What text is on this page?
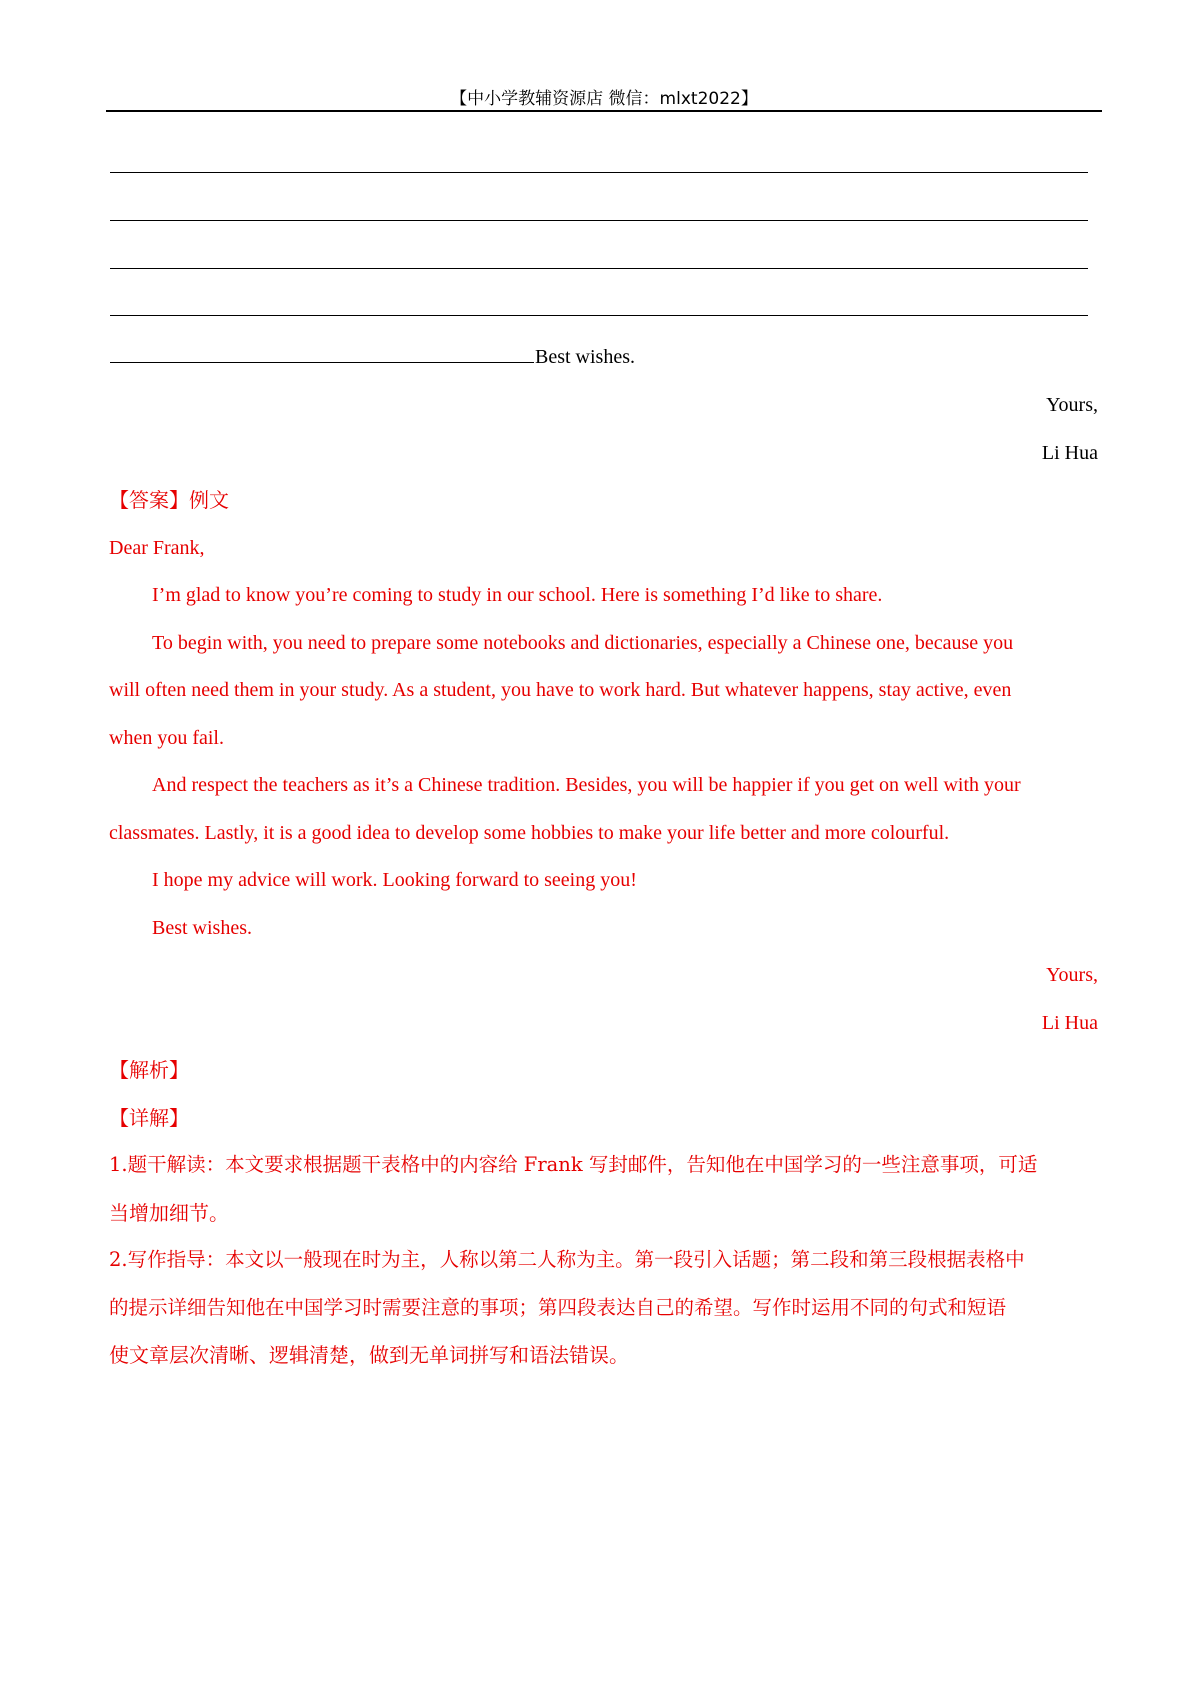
【中小学教辅资源店 微信：mlxt2022】
Best wishes.
Yours,
Li Hua
【答案】例文
Dear Frank,
I’m glad to know you’re coming to study in our school. Here is something I’d like to share.
To begin with, you need to prepare some notebooks and dictionaries, especially a Chinese one, because you
will often need them in your study. As a student, you have to work hard. But whatever happens, stay active, even
when you fail.
And respect the teachers as it’s a Chinese tradition. Besides, you will be happier if you get on well with your
classmates. Lastly, it is a good idea to develop some hobbies to make your life better and more colourful.
I hope my advice will work. Looking forward to seeing you!
Best wishes.
Yours,
Li Hua
【解析】
【详解】
1.题干解读：本文要求根据题干表格中的内容给 Frank 写封邮件，告知他在中国学习的一些注意事项，可适
当增加细节。
2.写作指导：本文以一般现在时为主，人称以第二人称为主。第一段引入话题；第二段和第三段根据表格中
的提示详细告知他在中国学习时需要注意的事项；第四段表达自己的希望。写作时运用不同的句式和短语
使文章层次清晰、逻辑清楚，做到无单词拼写和语法错误。
